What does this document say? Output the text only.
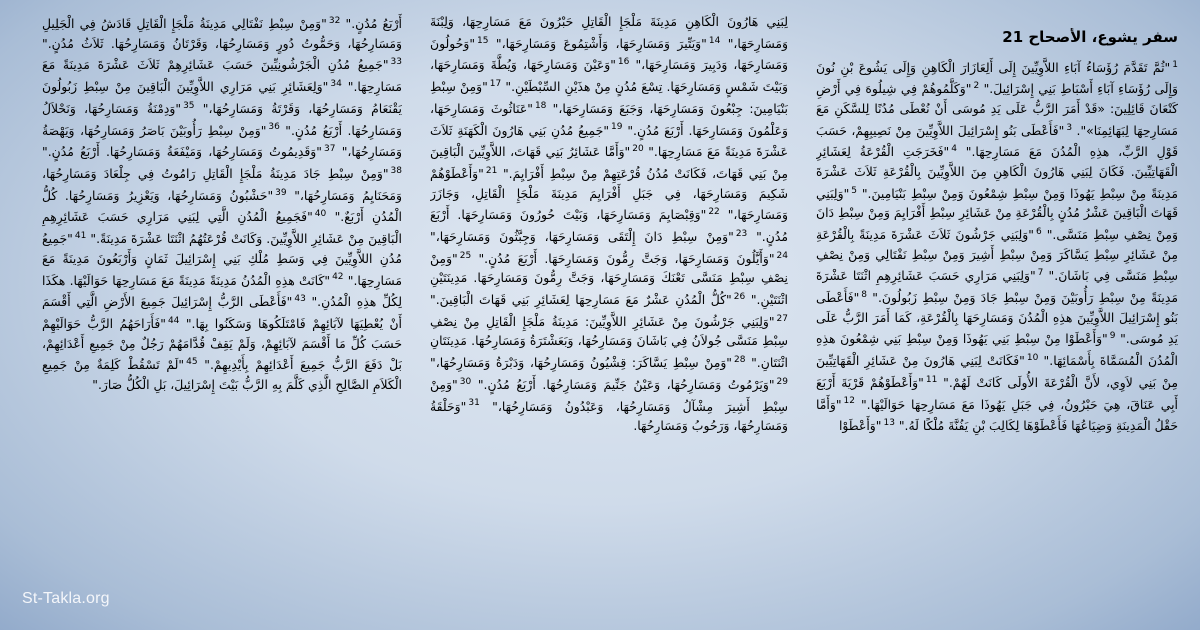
سفر يشوع، الأصحاح 21
$^1$"ثُمَّ تَقَدَّمَ رُؤَسَاءُ آبَاءِ اللاَّوِيِّينَ إِلَى أَلِعَازَارَ الْكَاهِنِ وَإِلَى يَشُوعَ بْنِ نُونَ وَإِلَى رُؤَسَاءِ آبَاءِ أَسْبَاطِ بَنِي إِسْرَائِيلَ." $^2$"وَكَلَّمُوهُمْ فِي شِيلُوهَ فِي أَرْضِ كَنْعَانَ قَائِلِينَ: «قَدْ أَمَرَ الرَّبُّ عَلَى يَدِ مُوسَى أَنْ نُعْطَى مُدُنًا لِلسَّكَنِ مَعَ مَسَارِحِهَا لِبَهَائِمِنَا»". $^3$"فَأَعْطَى بَنُو إِسْرَائِيلَ اللاَّوِيِّينَ مِنْ نَصِيبِهِمْ، حَسَبَ قَوْلِ الرَّبِّ، هذِهِ الْمُدُنَ مَعَ مَسَارِحِهَا." $^4$"فَخَرَجَتِ الْقُرْعَةُ لِعَشَائِرِ الْقَهَاتِيِّينَ. فَكَانَ لِبَنِي هَارُونَ الْكَاهِنِ مِنَ اللاَّوِيِّينَ بِالْقُرْعَةِ ثَلاَثَ عَشْرَةَ مَدِينَةً مِنْ سِبْطِ يَهُوذَا وَمِنْ سِبْطِ شِمْعُونَ وَمِنْ سِبْطِ بَنْيَامِينَ." $^5$"وَلِبَنِي قَهَاتَ الْبَاقِينَ عَشْرُ مُدُنٍ بِالْقُرْعَةِ مِنْ عَشَائِرِ سِبْطِ أَفْرَايِمَ وَمِنْ سِبْطِ دَانَ وَمِنْ نِصْفِ سِبْطِ مَنَسَّى." $^6$"وَلِبَنِي جَرْشُونَ ثَلاَثَ عَشْرَةَ مَدِينَةً بِالْقُرْعَةِ مِنْ عَشَائِرِ سِبْطِ يَسَّاكَرَ وَمِنْ سِبْطِ أَشِيرَ وَمِنْ سِبْطِ نَفْتَالِي وَمِنْ نِصْفِ سِبْطِ مَنَسَّى فِي بَاشَانَ." $^7$"وَلِبَنِي مَرَارِي حَسَبَ عَشَائِرِهِمِ اثْنَتَا عَشْرَةَ مَدِينَةً مِنْ سِبْطِ رَأُوبَيْنَ وَمِنْ سِبْطِ جَادَ وَمِنْ سِبْطِ زَبُولُونَ." $^8$"فَأَعْطَى بَنُو إِسْرَائِيلَ اللاَّوِيِّينَ هذِهِ الْمُدُنَ وَمَسَارِحَهَا بِالْقُرْعَةِ، كَمَا أَمَرَ الرَّبُّ عَلَى يَدِ مُوسَى." $^9$"وَأَعْطَوْا مِنْ سِبْطِ بَنِي يَهُوذَا وَمِنْ سِبْطِ بَنِي شِمْعُونَ هذِهِ الْمُدُنَ الْمُسَمَّاةَ بِأَسْمَائِهَا." $^{10}$"فَكَانَتْ لِبَنِي هَارُونَ مِنْ عَشَائِرِ الْقَهَاتِيِّينَ مِنْ بَنِي لاَوِي، لأَنَّ الْقُرْعَةَ الأُولَى كَانَتْ لَهُمْ." $^{11}$"وَأَعْطَوْهُمْ قَرْيَةَ أَرْبَعَ أَبِي عَنَاقَ، هِيَ حَبْرُونُ، فِي جَبَلِ يَهُوذَا مَعَ مَسَارِحِهَا حَوَالَيْهَا." $^{12}$"وَأَمَّا حَقْلُ الْمَدِينَةِ وَضِيَاعُهَا فَأَعْطَوْهَا لِكَالِبَ بْنِ يَفُنَّةَ مُلْكًا لَهُ." $^{13}$"وَأَعْطَوْا
لِبَنِي هَارُونَ الْكَاهِنِ مَدِينَةَ مَلْجَإِ الْقَاتِلِ حَبْرُونَ مَعَ مَسَارِحِهَا، وَلِبْنَةَ وَمَسَارِحَهَا،" $^{14}$"وَيَتِّيرَ وَمَسَارِحَهَا، وَأَشْتِمُوعَ وَمَسَارِحَهَا،" $^{15}$"وَحُولُونَ وَمَسَارِحَهَا، وَدَبِيرَ وَمَسَارِحَهَا،" $^{16}$"وَعَيْنَ وَمَسَارِحَهَا، وَيُطَّةَ وَمَسَارِحَهَا، وَبَيْتَ شَمْسٍ وَمَسَارِحَهَا. تِسْعَ مُدُنٍ مِنْ هذَيْنِ السِّبْطَيْنِ." $^{17}$"وَمِنْ سِبْطِ بَنْيَامِينَ: جِبْعُونَ وَمَسَارِحَهَا، وَجَبَعَ وَمَسَارِحَهَا،" $^{18}$"عَنَاثُوثَ وَمَسَارِحَهَا، وَعَلْمُونَ وَمَسَارِحَهَا. أَرْبَعَ مُدُنٍ." $^{19}$"جَمِيعُ مُدُنِ بَنِي هَارُونَ الْكَهَنَةِ ثَلاَثَ عَشْرَةَ مَدِينَةً مَعَ مَسَارِحِهَا." $^{20}$"وَأَمَّا عَشَائِرُ بَنِي قَهَاتَ، اللاَّوِيِّينَ الْبَاقِينَ مِنْ بَنِي قَهَاتَ، فَكَانَتْ مُدُنُ قُرْعَتِهِمْ مِنْ سِبْطِ أَفْرَايِمَ." $^{21}$"وَأَعْطَوْهُمْ شَكِيمَ وَمَسَارِحَهَا، فِي جَبَلِ أَفْرَايِمَ مَدِينَةَ مَلْجَإِ الْقَاتِلِ، وَجَازَرَ وَمَسَارِحَهَا،" $^{22}$"وَقِبْصَايِمَ وَمَسَارِحَهَا، وَبَيْتَ حُورُونَ وَمَسَارِحَهَا. أَرْبَعَ مُدُنٍ." $^{23}$"وَمِنْ سِبْطِ دَانَ إِلْتَقَى وَمَسَارِحَهَا، وَجِبَّثُونَ وَمَسَارِحَهَا،" $^{24}$"وَأَيَّلُونَ وَمَسَارِحَهَا، وَجَتَّ رِمُّونَ وَمَسَارِحَهَا. أَرْبَعَ مُدُنٍ." $^{25}$"وَمِنْ نِصْفِ سِبْطِ مَنَسَّى تَعْنَكَ وَمَسَارِحَهَا، وَجَتَّ رِمُّونَ وَمَسَارِحَهَا. مَدِينَتَيْنِ اثْنَتَيْنِ." $^{26}$"كُلُّ الْمُدُنِ عَشْرٌ مَعَ مَسَارِحِهَا لِعَشَائِرِ بَنِي قَهَاتَ الْبَاقِينَ." $^{27}$"وَلِبَنِي جَرْشُونَ مِنْ عَشَائِرِ اللاَّوِيِّينَ: مَدِينَةُ مَلْجَإِ الْقَاتِلِ مِنْ نِصْفِ سِبْطِ مَنَسَّى جُولاَنُ فِي بَاشَانَ وَمَسَارِحُهَا، وَبَعَشْتَرَةُ وَمَسَارِحُهَا. مَدِينَتَانِ اثْنَتَانِ." $^{28}$"وَمِنْ سِبْطِ يَسَّاكَرَ: قِشْيُونُ وَمَسَارِحُهَا، وَدَبْرَةُ وَمَسَارِحُهَا،" $^{29}$"وَيَرْمُوتُ وَمَسَارِحُهَا، وَعَيْنُ جَنِّيمَ وَمَسَارِحُهَا. أَرْبَعُ مُدُنٍ." $^{30}$"وَمِنْ سِبْطِ أَشِيرَ مِشْآلُ وَمَسَارِحُهَا، وَعَبْدُونُ وَمَسَارِحُهَا،" $^{31}$"وَحَلْقَةُ وَمَسَارِحُهَا، وَرَحُوبُ وَمَسَارِحُهَا.
أَرْبَعُ مُدُنٍ." $^{32}$"وَمِنْ سِبْطِ نَفْتَالِي مَدِينَةُ مَلْجَإِ الْقَاتِلِ قَادَشُ فِي الْجَلِيلِ وَمَسَارِحُهَا، وَحَمُّوتُ دُورٍ وَمَسَارِحُهَا، وَقَرْتَانُ وَمَسَارِحُهَا. ثَلاَثُ مُدُنٍ." $^{33}$"جَمِيعُ مُدُنِ الْجَرْشُونِيِّينَ حَسَبَ عَشَائِرِهِمْ ثَلاَثَ عَشْرَةَ مَدِينَةً مَعَ مَسَارِحِهَا." $^{34}$"وَلِعَشَائِرِ بَنِي مَرَارِي اللاَّوِيِّينَ الْبَاقِينَ مِنْ سِبْطِ زَبُولُونَ يَقْنَعَامُ وَمَسَارِحُهَا، وَقَرْتَةُ وَمَسَارِحُهَا،" $^{35}$"وَدِمْنَةُ وَمَسَارِحُهَا، وَنَحْلاَلُ وَمَسَارِحُهَا. أَرْبَعُ مُدُنٍ." $^{36}$"وَمِنْ سِبْطِ رَأُوبَيْنَ بَاصَرُ وَمَسَارِحُهَا، وَيَهْصَةُ وَمَسَارِحُهَا،" $^{37}$"وَقَدِيمُوتُ وَمَسَارِحُهَا، وَمَيْفَعَةُ وَمَسَارِحُهَا. أَرْبَعُ مُدُنٍ." $^{38}$"وَمِنْ سِبْطِ جَادَ مَدِينَةُ مَلْجَإِ الْقَاتِلِ رَامُوتُ فِي جِلْعَادَ وَمَسَارِحُهَا، وَمَحَنَايِمُ وَمَسَارِحُهَا،" $^{39}$"حَشْبُونُ وَمَسَارِحُهَا، وَيَعْزِيرُ وَمَسَارِحُهَا. كُلُّ الْمُدُنِ أَرْبَعٌ." $^{40}$"فَجَمِيعُ الْمُدُنِ الَّتِي لِبَنِي مَرَارِي حَسَبَ عَشَائِرِهِمِ الْبَاقِينَ مِنْ عَشَائِرِ اللاَّوِيِّينَ. وَكَانَتْ قُرْعَتُهُمُ اثْنَتَا عَشْرَةَ مَدِينَةً." $^{41}$"جَمِيعُ مُدُنِ اللاَّوِيِّينَ فِي وَسَطِ مُلْكِ بَنِي إِسْرَائِيلَ ثَمَانٍ وَأَرْبَعُونَ مَدِينَةً مَعَ مَسَارِحِهَا." $^{42}$"كَانَتْ هذِهِ الْمُدُنُ مَدِينَةً مَدِينَةً مَعَ مَسَارِحِهَا حَوَالَيْهَا. هكَذَا لِكُلِّ هذِهِ الْمُدُنِ." $^{43}$"فَأَعْطَى الرَّبُّ إِسْرَائِيلَ جَمِيعَ الأَرْضِ الَّتِي أَقْسَمَ أَنْ يُعْطِيَهَا لآبَائِهِمْ فَامْتَلَكُوهَا وَسَكَنُوا بِهَا." $^{44}$"فَأَرَاحَهُمُ الرَّبُّ حَوَالَيْهِمْ حَسَبَ كُلِّ مَا أَقْسَمَ لآبَائِهِمْ، وَلَمْ يَقِفْ قُدَّامَهُمْ رَجُلٌ مِنْ جَمِيعِ أَعْدَائِهِمْ، بَلْ دَفَعَ الرَّبُّ جَمِيعَ أَعْدَائِهِمْ بِأَيْدِيهِمْ." $^{45}$"لَمْ تَسْقُطْ كَلِمَةٌ مِنْ جَمِيعِ الْكَلاَمِ الصَّالِحِ الَّذِي كَلَّمَ بِهِ الرَّبُّ بَيْتَ إِسْرَائِيلَ، بَلِ الْكُلُّ صَارَ."
St-Takla.org
